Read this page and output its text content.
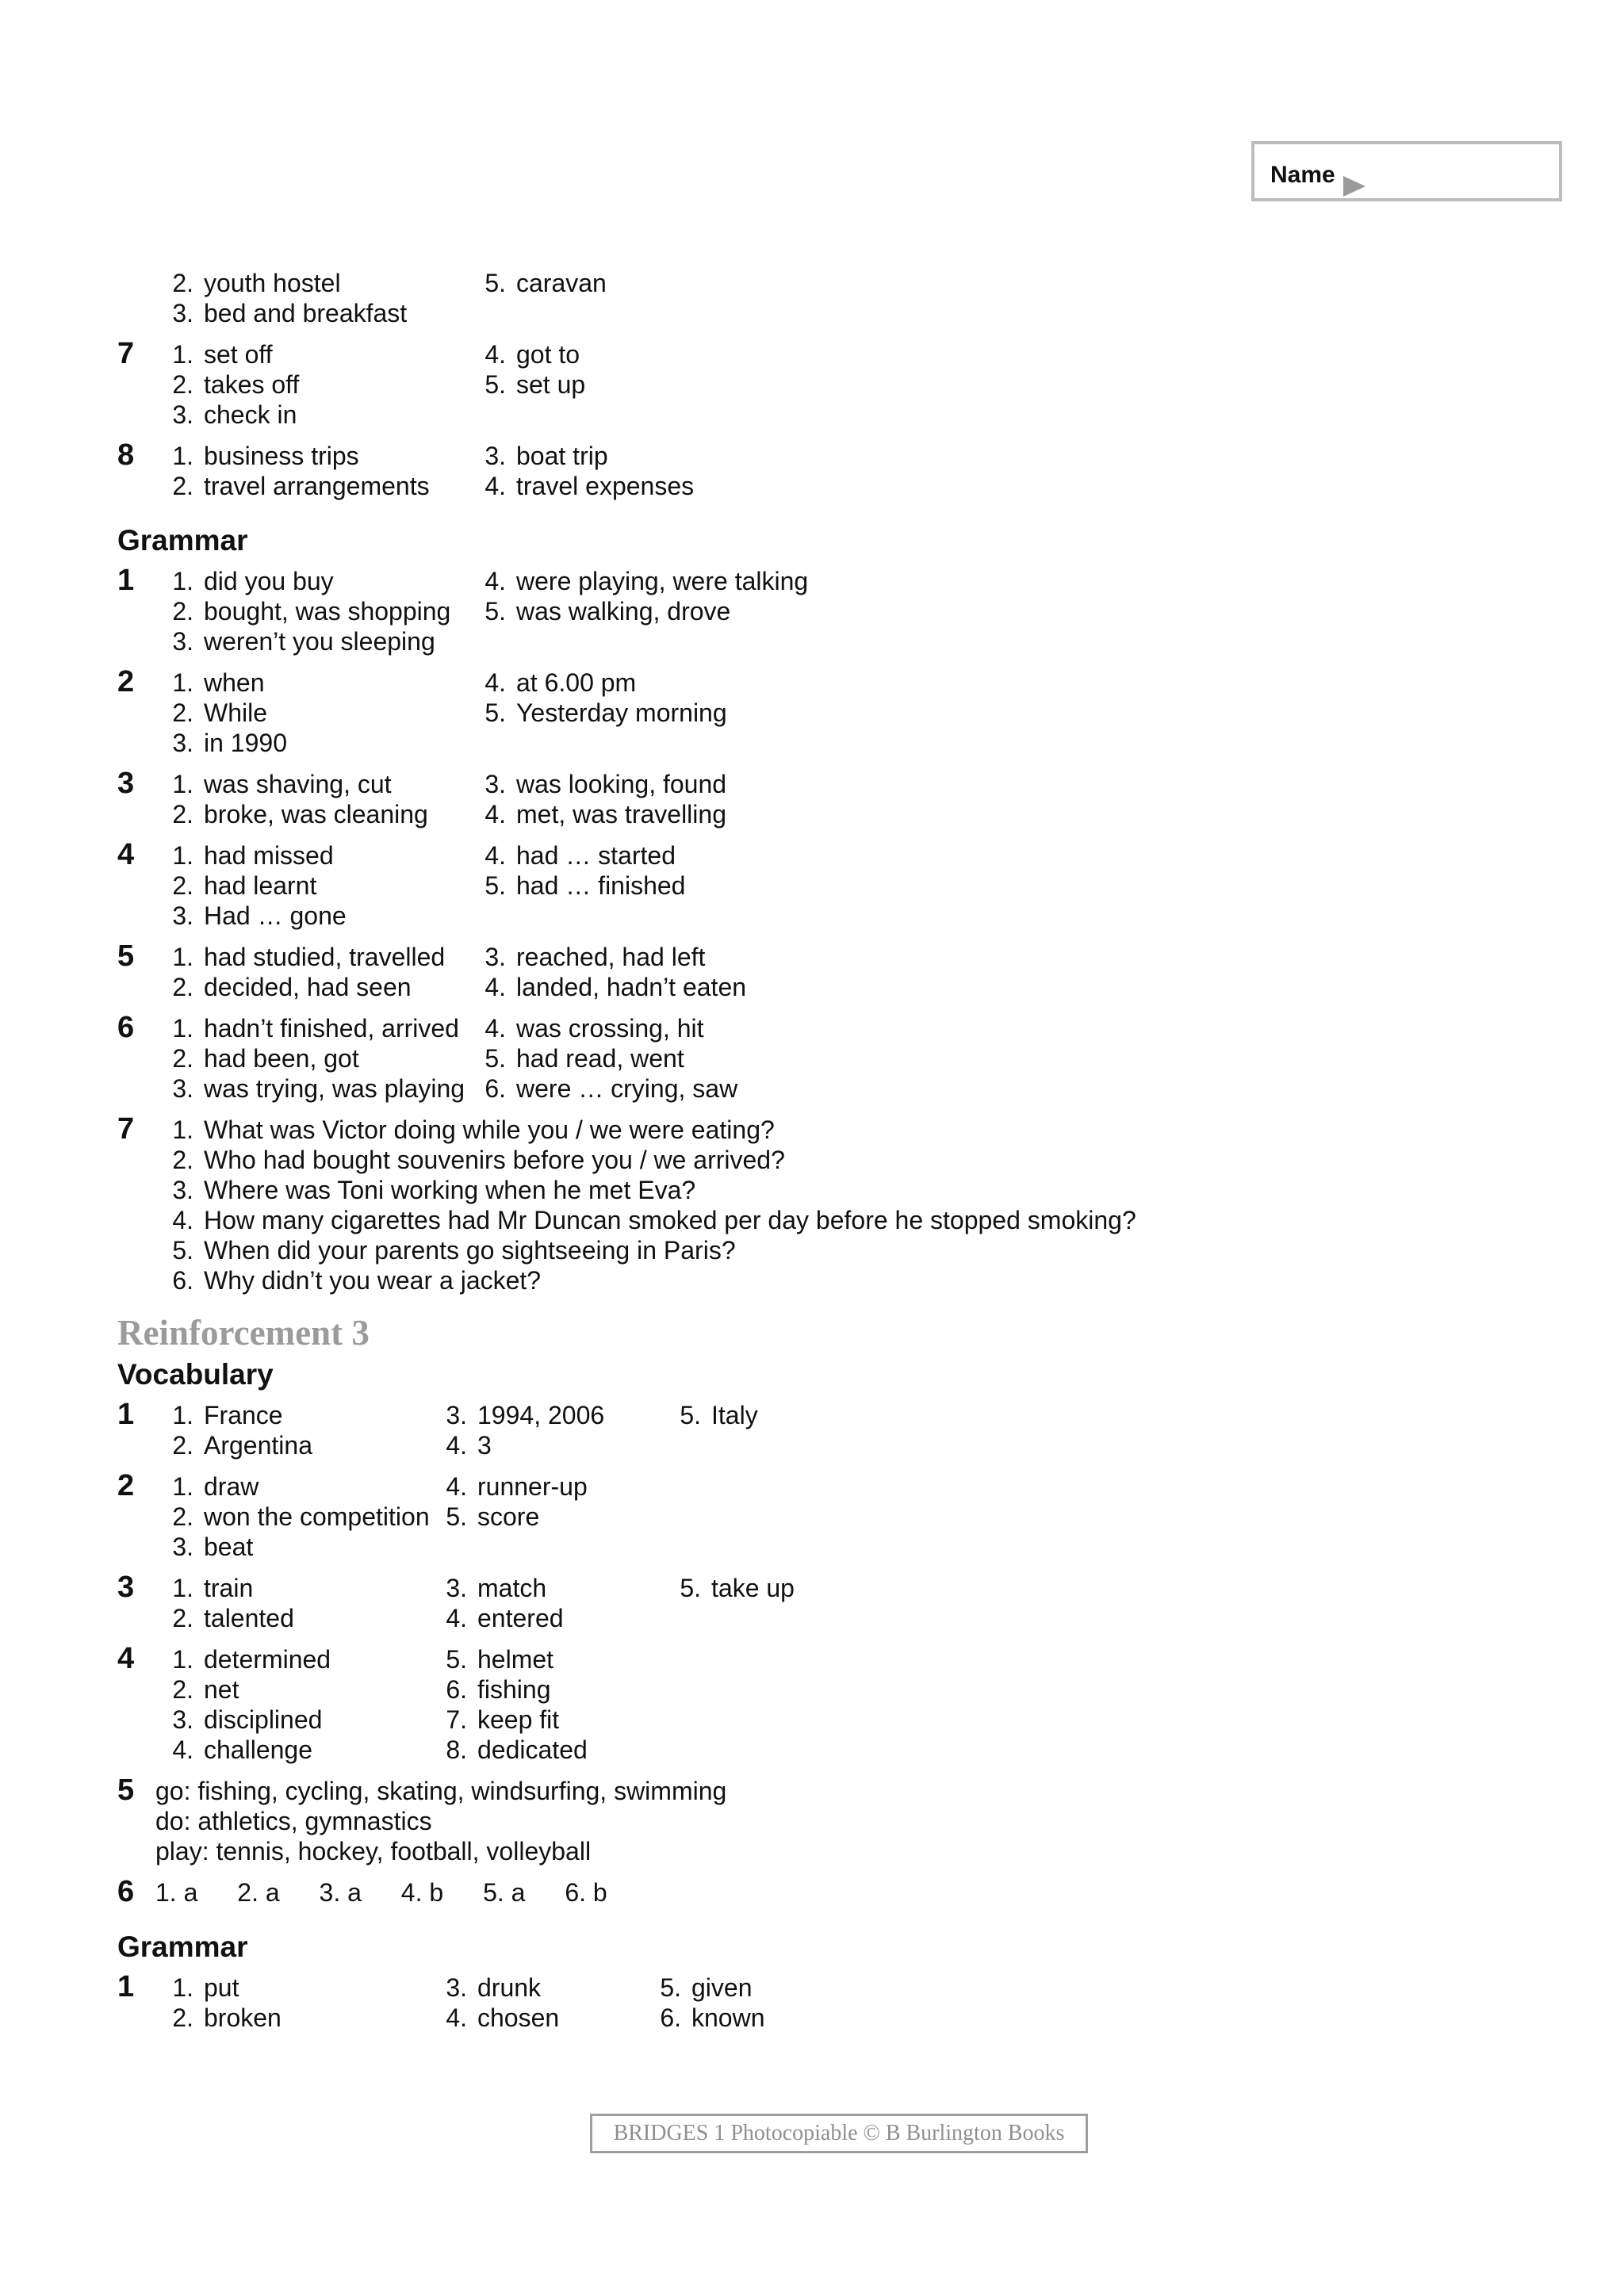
Name
2. youth hostel
3. bed and breakfast
5. caravan
7	1. set off
2. takes off
3. check in
4. got to
5. set up
8	1. business trips
2. travel arrangements
3. boat trip
4. travel expenses
Grammar
1	1. did you buy
2. bought, was shopping
3. weren’t you sleeping
4. were playing, were talking
5. was walking, drove
2	1. when
2. While
3. in 1990
4. at 6.00 pm
5. Yesterday morning
3	1. was shaving, cut
2. broke, was cleaning
3. was looking, found
4. met, was travelling
4	1. had missed
2. had learnt
3. Had … gone
4. had … started
5. had … finished
5	1. had studied, travelled
2. decided, had seen
3. reached, had left
4. landed, hadn’t eaten
6	1. hadn’t finished, arrived
2. had been, got
3. was trying, was playing
4. was crossing, hit
5. had read, went
6. were … crying, saw
7	1. What was Victor doing while you / we were eating?
2. Who had bought souvenirs before you / we arrived?
3. Where was Toni working when he met Eva?
4. How many cigarettes had Mr Duncan smoked per day before he stopped smoking?
5. When did your parents go sightseeing in Paris?
6. Why didn’t you wear a jacket?
Reinforcement 3
Vocabulary
1	1. France
2. Argentina
3. 1994, 2006
4. 3
5. Italy
2	1. draw
2. won the competition
3. beat
4. runner-up
5. score
3	1. train
2. talented
3. match
4. entered
5. take up
4	1. determined
2. net
3. disciplined
4. challenge
5. helmet
6. fishing
7. keep fit
8. dedicated
5 go: fishing, cycling, skating, windsurfing, swimming
do: athletics, gymnastics
play: tennis, hockey, football, volleyball
6 1. a 2. a 3. a 4. b 5. a 6. b
Grammar
1	1. put
2. broken
3. drunk
4. chosen
5. given
6. known
BRIDGES 1 Photocopiable © B Burlington Books
